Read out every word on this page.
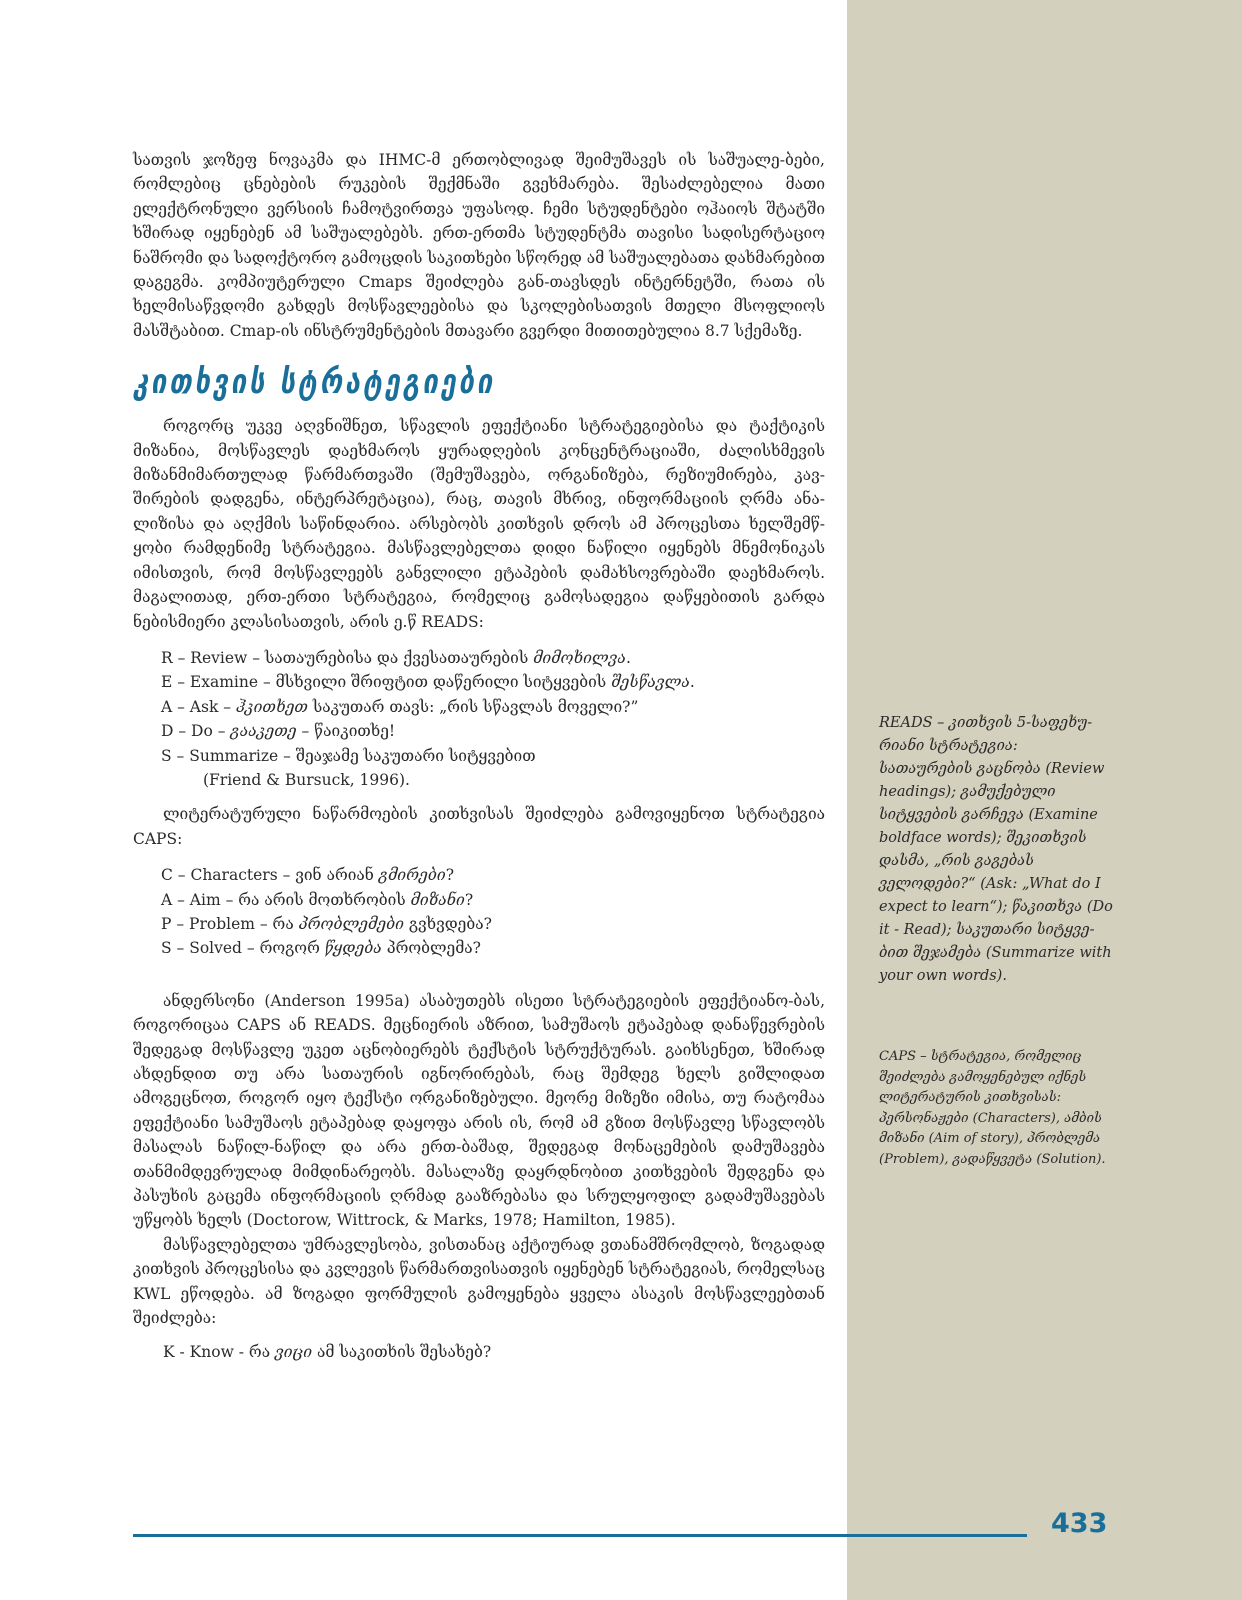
სათვის ჯოზეფ ნოვაკმა და IHMC-მ ერთობლივად შეიმუშავეს ის საშუალე-ბები, რომლებიც ცნებების რუკების შექმნაში გვეხმარება. შესაძლებელია მათი ელექტრონული ვერსიის ჩამოტვირთვა უფასოდ. ჩემი სტუდენტები ოჰაიოს შტატში ხშირად იყენებენ ამ საშუალებებს. ერთ-ერთმა სტუდენტმა თავისი სადისერტაციო ნაშრომი და სადოქტორო გამოცდის საკითხები სწორედ ამ საშუალებათა დახმარებით დაგეგმა. კომპიუტერული Cmaps შეიძლება გან-თავსდეს ინტერნეტში, რათა ის ხელმისაწვდომი გახდეს მოსწავლეებისა და სკოლებისათვის მთელი მსოფლიოს მასშტაბით. Cmap-ის ინსტრუმენტების მთავარი გვერდი მითითებულია 8.7 სქემაზე.

კითხვის სტრატეგიები

როგორც უკვე აღვნიშნეთ, სწავლის ეფექტიანი სტრატეგიებისა და ტაქტიკის მიზანია, მოსწავლეს დაეხმაროს ყურადღების კონცენტრაციაში, ძალისხმევის მიზანმიმართულად წარმართვაში (შემუშავება, ორგანიზება, რეზიუმირება, კავ-შირების დადგენა, ინტერპრეტაცია), რაც, თავის მხრივ, ინფორმაციის ღრმა ანა-ლიზისა და აღქმის საწინდარია. არსებობს კითხვის დროს ამ პროცესთა ხელშემწ-ყობი რამდენიმე სტრატეგია. მასწავლებელთა დიდი ნაწილი იყენებს მნემონიკას იმისთვის, რომ მოსწავლეებს განვლილი ეტაპების დამახსოვრებაში დაეხმაროს. მაგალითად, ერთ-ერთი სტრატეგია, რომელიც გამოსადეგია დაწყებითის გარდა ნებისმიერი კლასისათვის, არის ე.წ READS:

R – Review – სათაურებისა და ქვესათაურების მიმოხილვა.
E – Examine – მსხვილი შრიფტით დაწერილი სიტყვების შესწავლა.
A – Ask – ჰკითხეთ საკუთარ თავს: „რის სწავლას მოველი?”
D – Do – გააკეთე – წაიკითხე!
S – Summarize – შეაჯამე საკუთარი სიტყვებით
(Friend & Bursuck, 1996).

ლიტერატურული ნაწარმოების კითხვისას შეიძლება გამოვიყენოთ სტრატეგია CAPS:

C – Characters – ვინ არიან გმირები?
A – Aim – რა არის მოთხრობის მიზანი?
P – Problem – რა პრობლემები გვხვდება?
S – Solved – როგორ წყდება პრობლემა?

ანდერსონი (Anderson 1995a) ასაბუთებს ისეთი სტრატეგიების ეფექტიანო-ბას, როგორიცაა CAPS ან READS. მეცნიერის აზრით, სამუშაოს ეტაპებად დანაწევრების შედეგად მოსწავლე უკეთ აცნობიერებს ტექსტის სტრუქტურას. გაიხსენეთ, ხშირად ახდენდით თუ არა სათაურის იგნორირებას, რაც შემდეგ ხელს გიშლიდათ ამოგეცნოთ, როგორ იყო ტექსტი ორგანიზებული. მეორე მიზეზი იმისა, თუ რატომაა ეფექტიანი სამუშაოს ეტაპებად დაყოფა არის ის, რომ ამ გზით მოსწავლე სწავლობს მასალას ნაწილ-ნაწილ და არა ერთ-ბაშად, შედეგად მონაცემების დამუშავება თანმიმდევრულად მიმდინარეობს. მასალაზე დაყრდნობით კითხვების შედგენა და პასუხის გაცემა ინფორმაციის ღრმად გააზრებასა და სრულყოფილ გადამუშავებას უწყობს ხელს (Doctorow, Wittrock, & Marks, 1978; Hamilton, 1985).

მასწავლებელთა უმრავლესობა, ვისთანაც აქტიურად ვთანამშრომლობ, ზოგადად კითხვის პროცესისა და კვლევის წარმართვისათვის იყენებენ სტრატეგიას, რომელსაც KWL ეწოდება. ამ ზოგადი ფორმულის გამოყენება ყველა ასაკის მოსწავლეებთან შეიძლება:

K - Know - რა ვიცი ამ საკითხის შესახებ?
READS – კითხვის 5-საფეხუ-რიანი სტრატეგია: სათაურების გაცნობა (Review headings); გამუქებული სიტყვების გარჩევა (Examine boldface words); შეკითხვის დასმა, „რის გაგებას ველოდები?“ (Ask: „What do I expect to learn“); წაკითხვა (Do it - Read); საკუთარი სიტყვე-ბით შეჯამება (Summarize with your own words).
CAPS – სტრატეგია, რომელიც შეიძლება გამოყენებულ იქნეს ლიტერატურის კითხვისას: პერსონაჟები (Characters), ამბის მიზანი (Aim of story), პრობლემა (Problem), გადაწყვეტა (Solution).
433
